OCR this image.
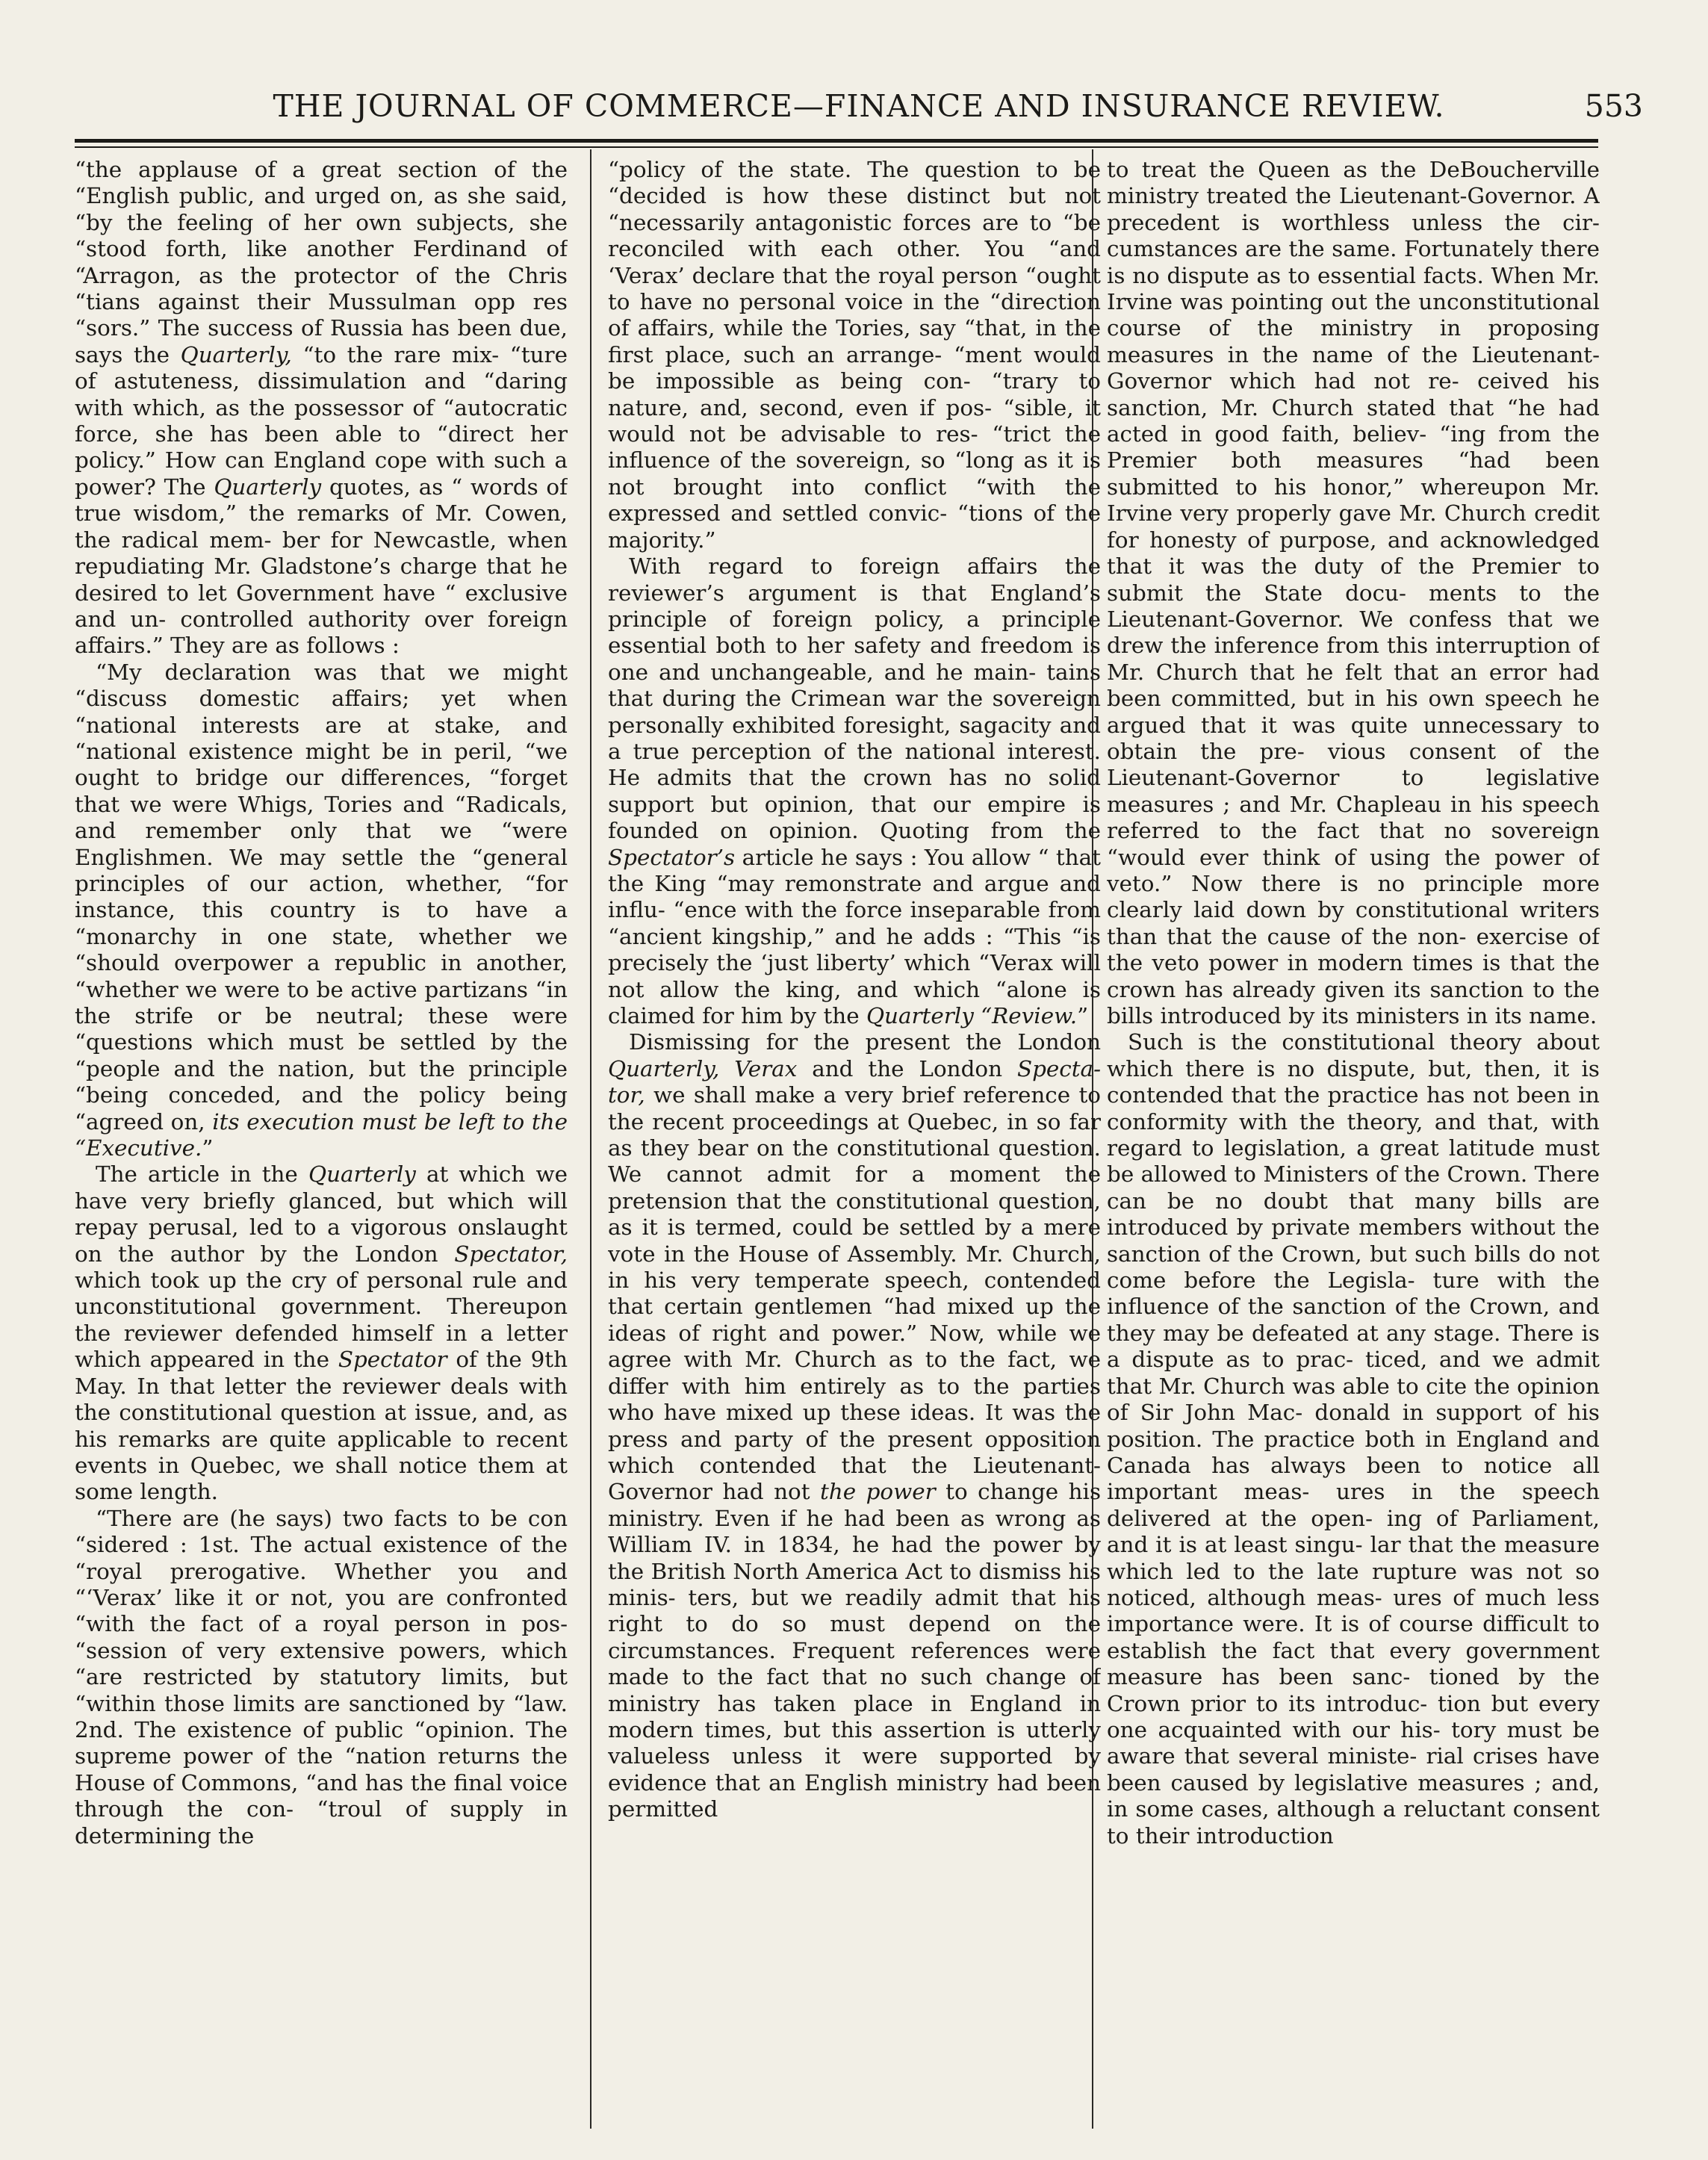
THE JOURNAL OF COMMERCE—FINANCE AND INSURANCE REVIEW.	553

“the applause of a great section of the “English public, and urged on, as she said, “by the feeling of her own subjects, she “stood forth, like another Ferdinand of “Arragon, as the protector of the Chris “tians against their Mussulman opp res “sors.” The success of Russia has been due, says the Quarterly, “to the rare mix- “ture of astuteness, dissimulation and “daring with which, as the possessor of “autocratic force, she has been able to “direct her policy.” How can England cope with such a power? The Quarterly quotes, as “ words of true wisdom,” the remarks of Mr. Cowen, the radical mem- ber for Newcastle, when repudiating Mr. Gladstone’s charge that he desired to let Government have “ exclusive and un- controlled authority over foreign affairs.” They are as follows :

“My declaration was that we might “discuss domestic affairs; yet when “national interests are at stake, and “national existence might be in peril, “we ought to bridge our differences, “forget that we were Whigs, Tories and “Radicals, and remember only that we “were Englishmen. We may settle the “general principles of our action, whether, “for instance, this country is to have a “monarchy in one state, whether we “should overpower a republic in another, “whether we were to be active partizans “in the strife or be neutral; these were “questions which must be settled by the “people and the nation, but the principle “being conceded, and the policy being “agreed on, its execution must be left to the “Executive.”

The article in the Quarterly at which we have very briefly glanced, but which will repay perusal, led to a vigorous onslaught on the author by the London Spectator, which took up the cry of personal rule and unconstitutional government. Thereupon the reviewer defended himself in a letter which appeared in the Spectator of the 9th May. In that letter the reviewer deals with the constitutional question at issue, and, as his remarks are quite applicable to recent events in Quebec, we shall notice them at some length.

“There are (he says) two facts to be con “sidered : 1st. The actual existence of the “royal prerogative. Whether you and “‘Verax’ like it or not, you are confronted “with the fact of a royal person in pos- “session of very extensive powers, which “are restricted by statutory limits, but “within those limits are sanctioned by “law. 2nd. The existence of public “opinion. The supreme power of the “nation returns the House of Commons, “and has the final voice through the con- “troul of supply in determining the

“policy of the state. The question to be “decided is how these distinct but not “necessarily antagonistic forces are to “be reconciled with each other. You “and ‘Verax’ declare that the royal person “ought to have no personal voice in the “direction of affairs, while the Tories, say “that, in the first place, such an arrange- “ment would be impossible as being con- “trary to nature, and, second, even if pos- “sible, it would not be advisable to res- “trict the influence of the sovereign, so “long as it is not brought into conflict “with the expressed and settled convic- “tions of the majority.”

With regard to foreign affairs the reviewer’s argument is that England’s principle of foreign policy, a principle essential both to her safety and freedom is one and unchangeable, and he main- tains that during the Crimean war the sovereign personally exhibited foresight, sagacity and a true perception of the national interest. He admits that the crown has no solid support but opinion, that our empire is founded on opinion. Quoting from the Spectator’s article he says : You allow “ that the King “may remonstrate and argue and influ- “ence with the force inseparable from “ancient kingship,” and he adds : “This “is precisely the ‘just liberty’ which “Verax will not allow the king, and which “alone is claimed for him by the Quarterly “Review.”

Dismissing for the present the London Quarterly, Verax and the London Specta- tor, we shall make a very brief reference to the recent proceedings at Quebec, in so far as they bear on the constitutional question. We cannot admit for a moment the pretension that the constitutional question, as it is termed, could be settled by a mere vote in the House of Assembly. Mr. Church, in his very temperate speech, contended that certain gentlemen “had mixed up the ideas of right and power.” Now, while we agree with Mr. Church as to the fact, we differ with him entirely as to the parties who have mixed up these ideas. It was the press and party of the present opposition which contended that the Lieutenant-Governor had not the power to change his ministry. Even if he had been as wrong as William IV. in 1834, he had the power by the British North America Act to dismiss his minis- ters, but we readily admit that his right to do so must depend on the circumstances. Frequent references were made to the fact that no such change of ministry has taken place in England in modern times, but this assertion is utterly valueless unless it were supported by evidence that an English ministry had been permitted

to treat the Queen as the DeBoucherville ministry treated the Lieutenant-Governor. A precedent is worthless unless the cir- cumstances are the same. Fortunately there is no dispute as to essential facts. When Mr. Irvine was pointing out the unconstitutional course of the ministry in proposing measures in the name of the Lieutenant-Governor which had not re- ceived his sanction, Mr. Church stated that “he had acted in good faith, believ- “ing from the Premier both measures “had been submitted to his honor,” whereupon Mr. Irvine very properly gave Mr. Church credit for honesty of purpose, and acknowledged that it was the duty of the Premier to submit the State docu- ments to the Lieutenant-Governor. We confess that we drew the inference from this interruption of Mr. Church that he felt that an error had been committed, but in his own speech he argued that it was quite unnecessary to obtain the pre- vious consent of the Lieutenant-Governor to legislative measures ; and Mr. Chapleau in his speech referred to the fact that no sovereign “would ever think of using the power of veto.” Now there is no principle more clearly laid down by constitutional writers than that the cause of the non- exercise of the veto power in modern times is that the crown has already given its sanction to the bills introduced by its ministers in its name.

Such is the constitutional theory about which there is no dispute, but, then, it is contended that the practice has not been in conformity with the theory, and that, with regard to legislation, a great latitude must be allowed to Ministers of the Crown. There can be no doubt that many bills are introduced by private members without the sanction of the Crown, but such bills do not come before the Legisla- ture with the influence of the sanction of the Crown, and they may be defeated at any stage. There is a dispute as to prac- ticed, and we admit that Mr. Church was able to cite the opinion of Sir John Mac- donald in support of his position. The practice both in England and Canada has always been to notice all important meas- ures in the speech delivered at the open- ing of Parliament, and it is at least singu- lar that the measure which led to the late rupture was not so noticed, although meas- ures of much less importance were. It is of course difficult to establish the fact that every government measure has been sanc- tioned by the Crown prior to its introduc- tion but every one acquainted with our his- tory must be aware that several ministe- rial crises have been caused by legislative measures ; and, in some cases, although a reluctant consent to their introduction
